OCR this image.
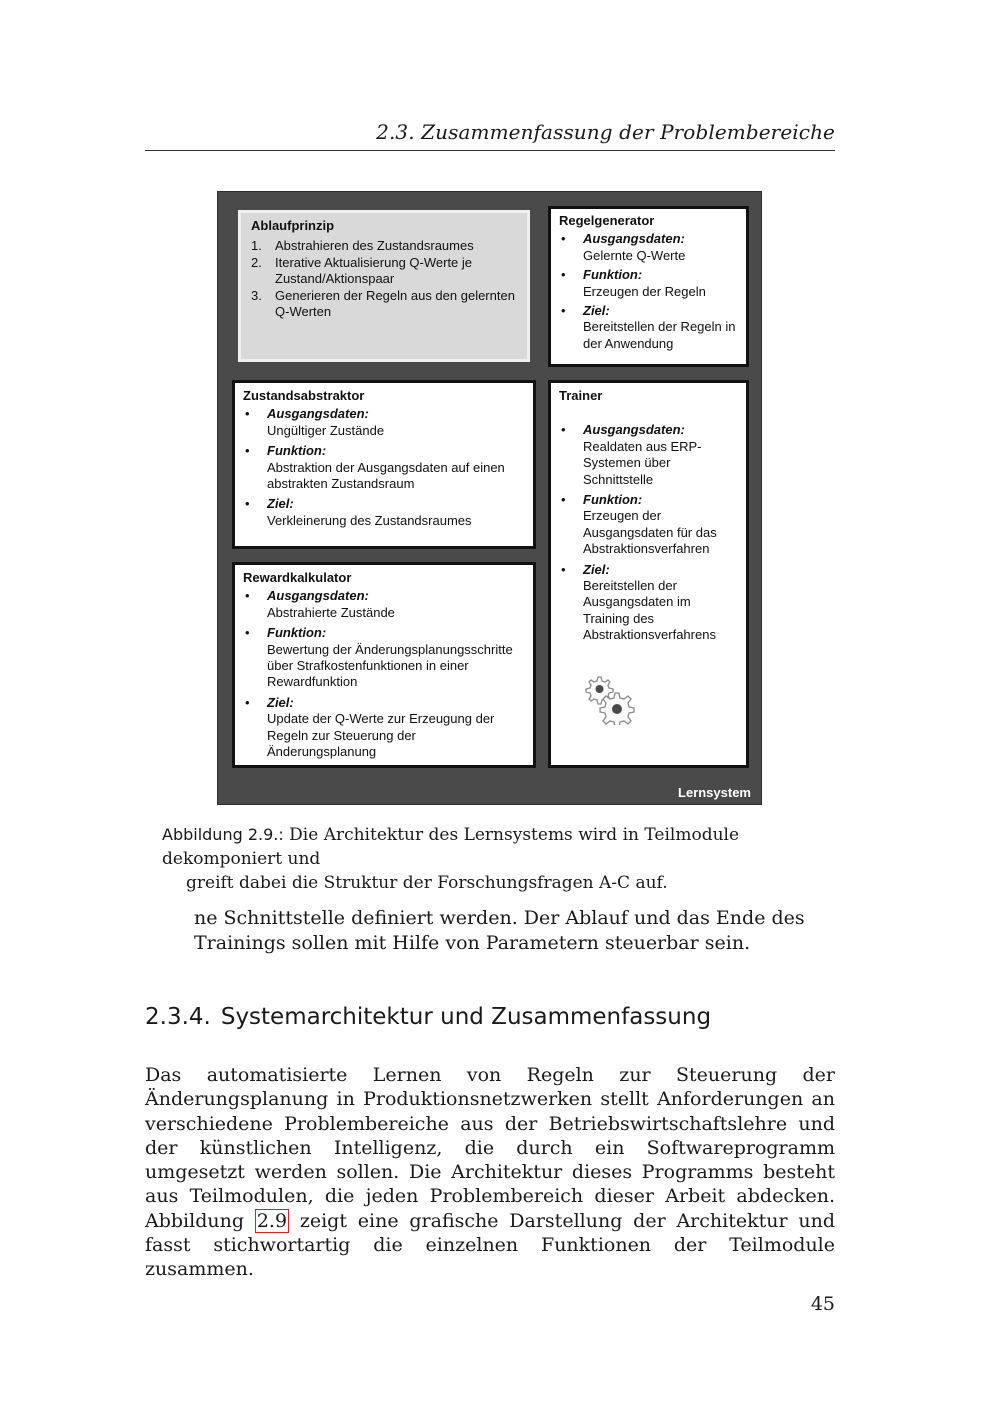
2.3. Zusammenfassung der Problembereiche
Ablaufprinzip
1. Abstrahieren des Zustandsraumes
2. Iterative Aktualisierung Q-Werte je Zustand/Aktionspaar
3. Generieren der Regeln aus den gelernten Q-Werten
Regelgenerator
• Ausgangsdaten:
Gelernte Q-Werte
• Funktion:
Erzeugen der Regeln
• Ziel:
Bereitstellen der Regeln in der Anwendung
Zustandsabstraktor
• Ausgangsdaten:
Ungültiger Zustände
• Funktion:
Abstraktion der Ausgangsdaten auf einen abstrakten Zustandsraum
• Ziel:
Verkleinerung des Zustandsraumes
Trainer
• Ausgangsdaten:
Realdaten aus ERP-Systemen über Schnittstelle
• Funktion:
Erzeugen der Ausgangsdaten für das Abstraktionsverfahren
• Ziel:
Bereitstellen der Ausgangsdaten im Training des Abstraktionsverfahrens
Rewardkalkulator
• Ausgangsdaten:
Abstrahierte Zustände
• Funktion:
Bewertung der Änderungsplanungsschritte über Strafkostenfunktionen in einer Rewardfunktion
• Ziel:
Update der Q-Werte zur Erzeugung der Regeln zur Steuerung der Änderungsplanung
Lernsystem
Abbildung 2.9.: Die Architektur des Lernsystems wird in Teilmodule dekomponiert und
greift dabei die Struktur der Forschungsfragen A-C auf.
ne Schnittstelle definiert werden. Der Ablauf und das Ende des Trainings sollen mit Hilfe von Parametern steuerbar sein.
2.3.4. Systemarchitektur und Zusammenfassung
Das automatisierte Lernen von Regeln zur Steuerung der Änderungsplanung in Produktionsnetzwerken stellt Anforderungen an verschiedene Problembereiche aus der Betriebswirtschaftslehre und der künstlichen Intelligenz, die durch ein Softwareprogramm umgesetzt werden sollen. Die Architektur dieses Programms besteht aus Teilmodulen, die jeden Problembereich dieser Arbeit abdecken. Abbildung 2.9 zeigt eine grafische Darstellung der Architektur und fasst stichwortartig die einzelnen Funktionen der Teilmodule zusammen.
45
